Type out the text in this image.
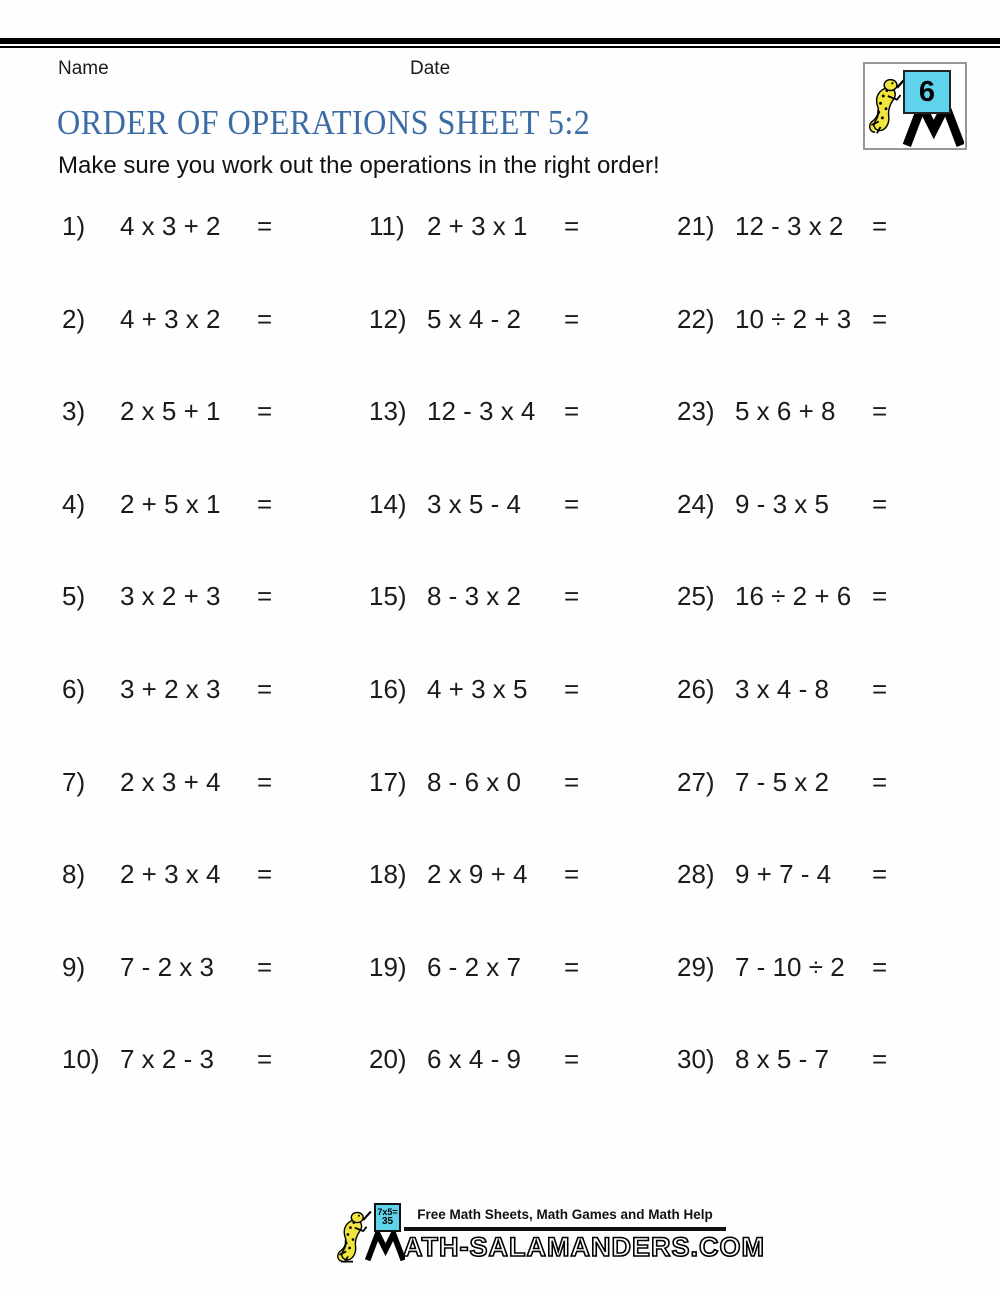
Name	Date
6
ORDER OF OPERATIONS SHEET 5:2
Make sure you work out the operations in the right order!
1)	4 x 3 + 2	=
2)	4 + 3 x 2	=
3)	2 x 5 + 1	=
4)	2 + 5 x 1	=
5)	3 x 2 + 3	=
6)	3 + 2 x 3	=
7)	2 x 3 + 4	=
8)	2 + 3 x 4	=
9)	7 - 2 x 3	=
10) 7 x 2 - 3	=
11) 2 + 3 x 1	=
12) 5 x 4 - 2	=
13) 12 - 3 x 4	=
14) 3 x 5 - 4	=
15) 8 - 3 x 2	=
16) 4 + 3 x 5	=
17) 8 - 6 x 0	=
18) 2 x 9 + 4	=
19) 6 - 2 x 7	=
20) 6 x 4 - 9	=
21) 12 - 3 x 2	=
22) 10 ÷ 2 + 3 =
23) 5 x 6 + 8	=
24) 9 - 3 x 5	=
25) 16 ÷ 2 + 6 =
26) 3 x 4 - 8	=
27) 7 - 5 x 2	=
28) 9 + 7 - 4	=
29) 7 - 10 ÷ 2	=
30) 8 x 5 - 7	=
7x5=
35	Free Math Sheets, Math Games and Math Help
ATH-SALAMANDERS.COM
